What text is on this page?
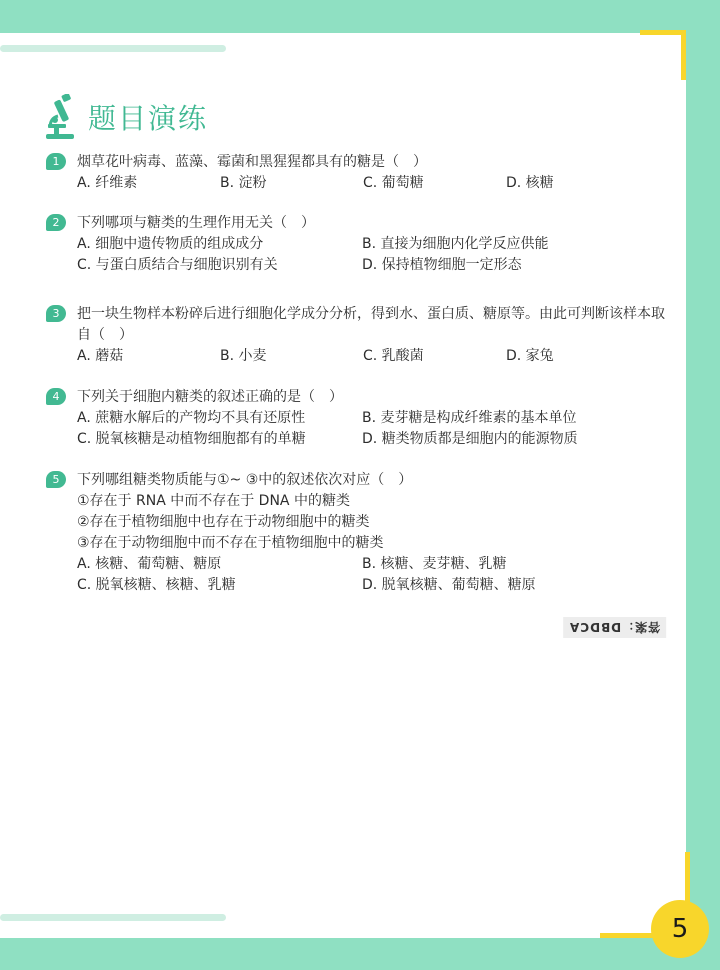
5
题目演练
1	烟草花叶病毒、蓝藻、霉菌和黑猩猩都具有的糖是（　）
A. 纤维素	B. 淀粉	C. 葡萄糖	D. 核糖
2	下列哪项与糖类的生理作用无关（　）
A. 细胞中遗传物质的组成成分	B. 直接为细胞内化学反应供能
C. 与蛋白质结合与细胞识别有关	D. 保持植物细胞一定形态
3	把一块生物样本粉碎后进行细胞化学成分分析，得到水、蛋白质、糖原等。由此可判断该样本取自（　）
A. 蘑菇	B. 小麦	C. 乳酸菌	D. 家兔
4	下列关于细胞内糖类的叙述正确的是（　）
A. 蔗糖水解后的产物均不具有还原性	B. 麦芽糖是构成纤维素的基本单位
C. 脱氧核糖是动植物细胞都有的单糖	D. 糖类物质都是细胞内的能源物质
5	下列哪组糖类物质能与①~ ③中的叙述依次对应（　）
①存在于 RNA 中而不存在于 DNA 中的糖类
②存在于植物细胞中也存在于动物细胞中的糖类
③存在于动物细胞中而不存在于植物细胞中的糖类
A. 核糖、葡萄糖、糖原	B. 核糖、麦芽糖、乳糖
C. 脱氧核糖、核糖、乳糖	D. 脱氧核糖、葡萄糖、糖原
答案：DBDCA
